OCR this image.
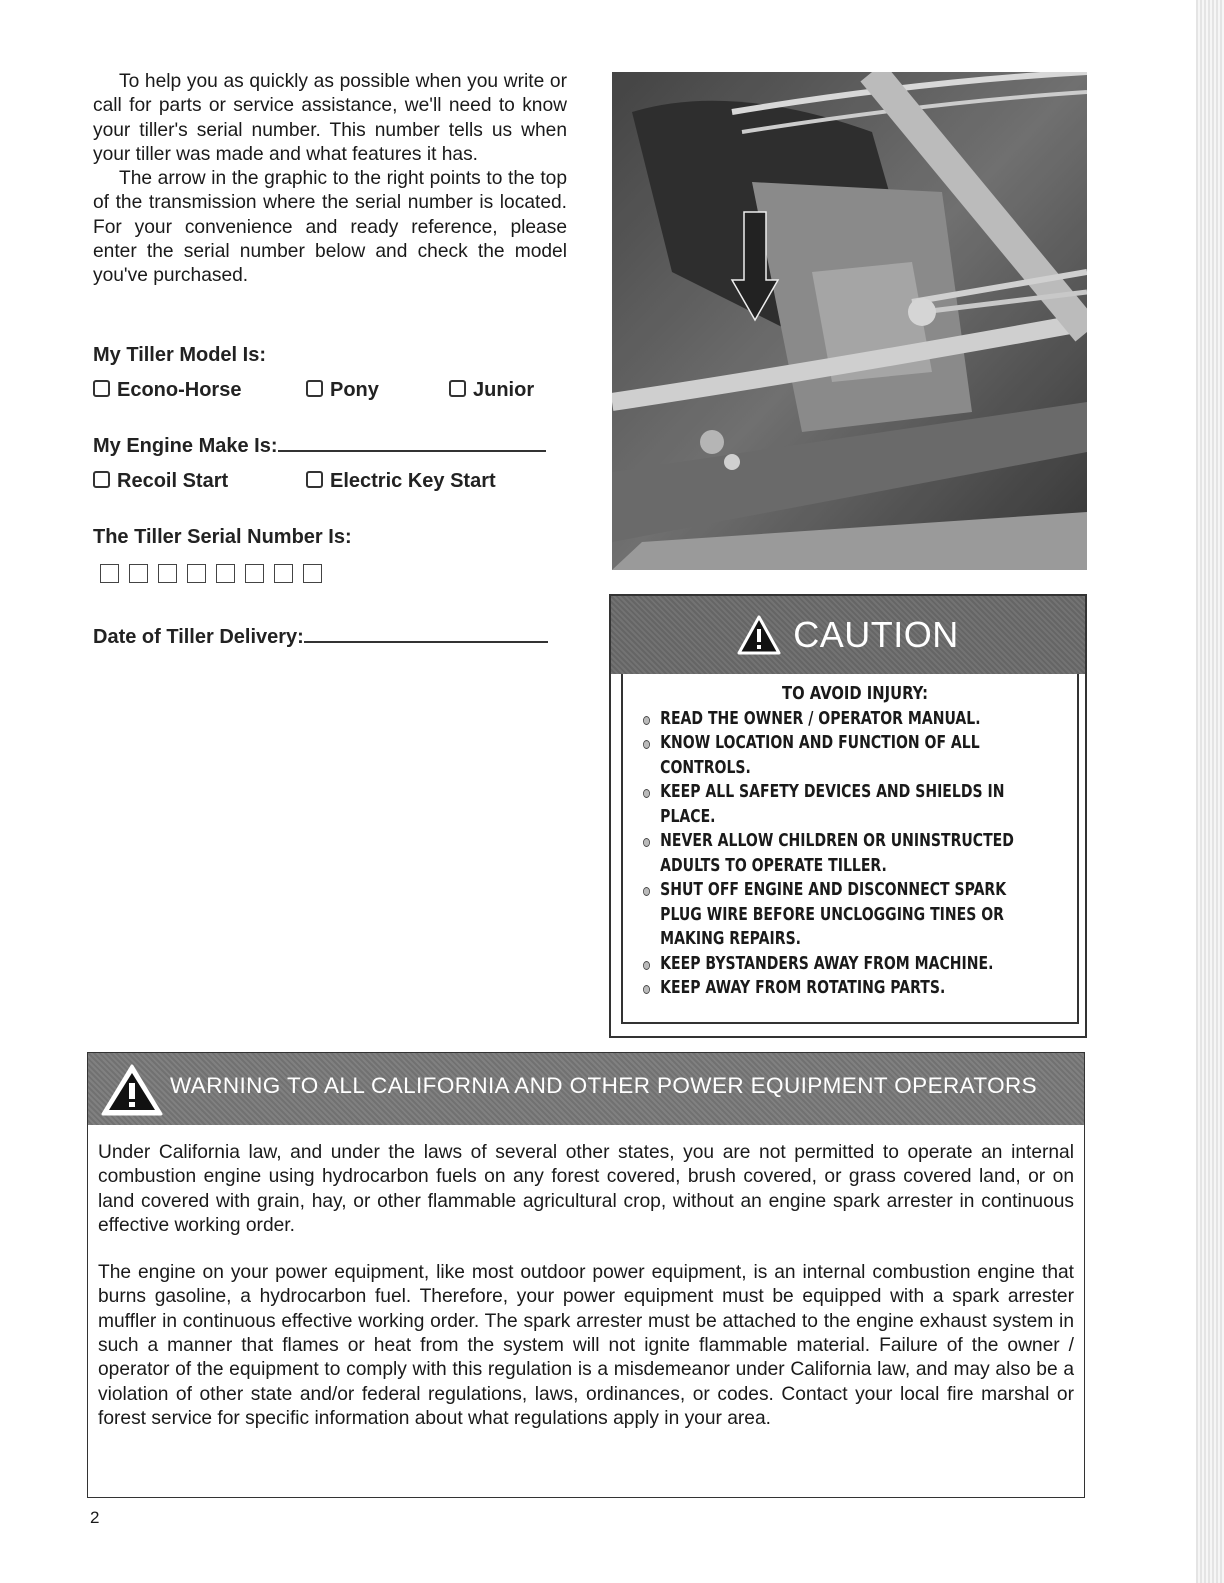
To help you as quickly as possible when you write or call for parts or service assistance, we'll need to know your tiller's serial number. This number tells us when your tiller was made and what features it has.

The arrow in the graphic to the right points to the top of the transmission where the serial number is located. For your convenience and ready reference, please enter the serial number below and check the model you've purchased.

My Tiller Model Is:
Econo-Horse	Pony	Junior
My Engine Make Is:
Recoil Start	Electric Key Start
The Tiller Serial Number Is:
Date of Tiller Delivery:	CAUTION
TO AVOID INJURY:
READ THE OWNER / OPERATOR MANUAL.
KNOW LOCATION AND FUNCTION OF ALL CONTROLS.
KEEP ALL SAFETY DEVICES AND SHIELDS IN PLACE.
NEVER ALLOW CHILDREN OR UNINSTRUCTED ADULTS TO OPERATE TILLER.
SHUT OFF ENGINE AND DISCONNECT SPARK PLUG WIRE BEFORE UNCLOGGING TINES OR MAKING REPAIRS.
KEEP BYSTANDERS AWAY FROM MACHINE.
KEEP AWAY FROM ROTATING PARTS.
WARNING TO ALL CALIFORNIA AND OTHER POWER EQUIPMENT OPERATORS

Under California law, and under the laws of several other states, you are not permitted to operate an internal combustion engine using hydrocarbon fuels on any forest covered, brush covered, or grass covered land, or on land covered with grain, hay, or other flammable agricultural crop, without an engine spark arrester in continuous effective working order.

The engine on your power equipment, like most outdoor power equipment, is an internal combustion engine that burns gasoline, a hydrocarbon fuel. Therefore, your power equipment must be equipped with a spark arrester muffler in continuous effective working order. The spark arrester must be attached to the engine exhaust system in such a manner that flames or heat from the system will not ignite flammable material. Failure of the owner / operator of the equipment to comply with this regulation is a misdemeanor under California law, and may also be a violation of other state and/or federal regulations, laws, ordinances, or codes. Contact your local fire marshal or forest service for specific information about what regulations apply in your area.

2
